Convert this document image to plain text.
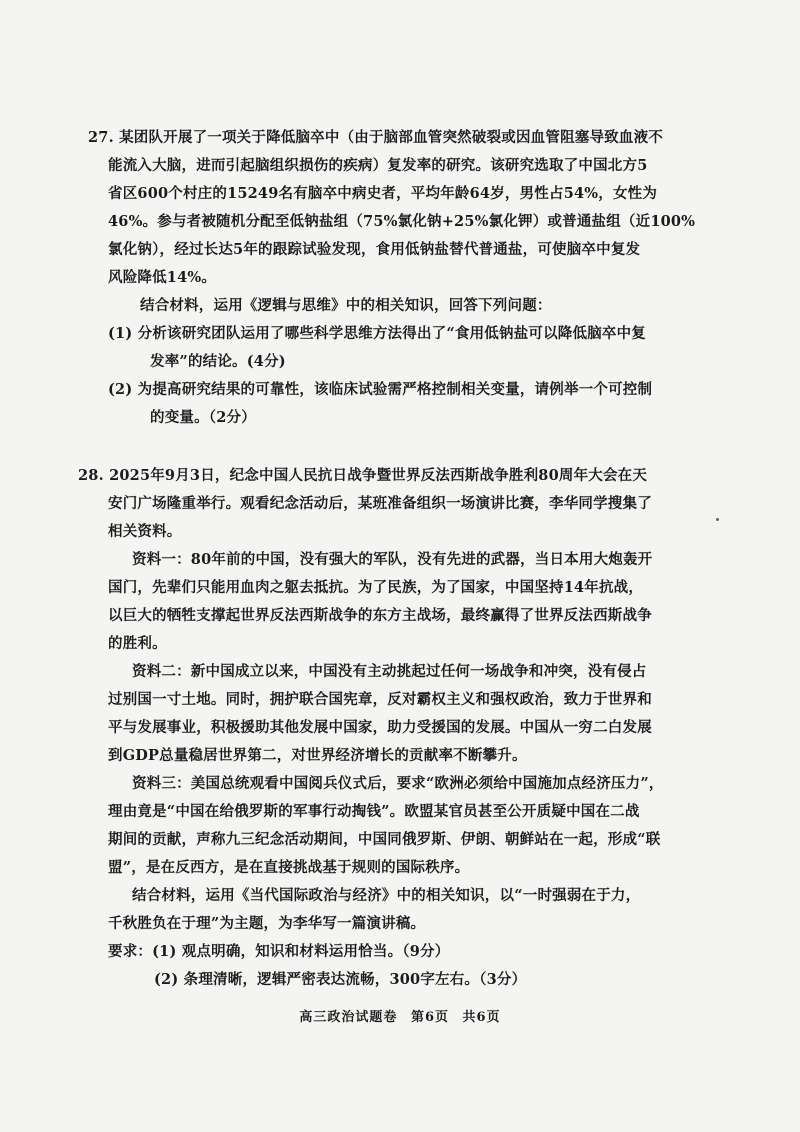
27. 某团队开展了一项关于降低脑卒中（由于脑部血管突然破裂或因血管阻塞导致血液不
能流入大脑，进而引起脑组织损伤的疾病）复发率的研究。该研究选取了中国北方5
省区600个村庄的15249名有脑卒中病史者，平均年龄64岁，男性占54%，女性为
46%。参与者被随机分配至低钠盐组（75%氯化钠+25%氯化钾）或普通盐组（近100%
氯化钠），经过长达5年的跟踪试验发现，食用低钠盐替代普通盐，可使脑卒中复发
风险降低14%。
结合材料，运用《逻辑与思维》中的相关知识，回答下列问题：
(1) 分析该研究团队运用了哪些科学思维方法得出了“食用低钠盐可以降低脑卒中复
发率”的结论。(4分)
(2) 为提高研究结果的可靠性，该临床试验需严格控制相关变量，请例举一个可控制
的变量。（2分）
28. 2025年9月3日，纪念中国人民抗日战争暨世界反法西斯战争胜利80周年大会在天
安门广场隆重举行。观看纪念活动后，某班准备组织一场演讲比赛，李华同学搜集了
相关资料。
资料一：80年前的中国，没有强大的军队，没有先进的武器，当日本用大炮轰开
国门，先辈们只能用血肉之躯去抵抗。为了民族，为了国家，中国坚持14年抗战，
以巨大的牺牲支撑起世界反法西斯战争的东方主战场，最终赢得了世界反法西斯战争
的胜利。
资料二：新中国成立以来，中国没有主动挑起过任何一场战争和冲突，没有侵占
过别国一寸土地。同时，拥护联合国宪章，反对霸权主义和强权政治，致力于世界和
平与发展事业，积极援助其他发展中国家，助力受援国的发展。中国从一穷二白发展
到GDP总量稳居世界第二，对世界经济增长的贡献率不断攀升。
资料三：美国总统观看中国阅兵仪式后，要求“欧洲必须给中国施加点经济压力”，
理由竟是“中国在给俄罗斯的军事行动掏钱”。欧盟某官员甚至公开质疑中国在二战
期间的贡献，声称九三纪念活动期间，中国同俄罗斯、伊朗、朝鲜站在一起，形成“联
盟”，是在反西方，是在直接挑战基于规则的国际秩序。
结合材料，运用《当代国际政治与经济》中的相关知识，以“一时强弱在于力，
千秋胜负在于理”为主题，为李华写一篇演讲稿。
要求：(1) 观点明确，知识和材料运用恰当。（9分）
(2) 条理清晰，逻辑严密表达流畅，300字左右。（3分）
高三政治试题卷 第6页 共6页
